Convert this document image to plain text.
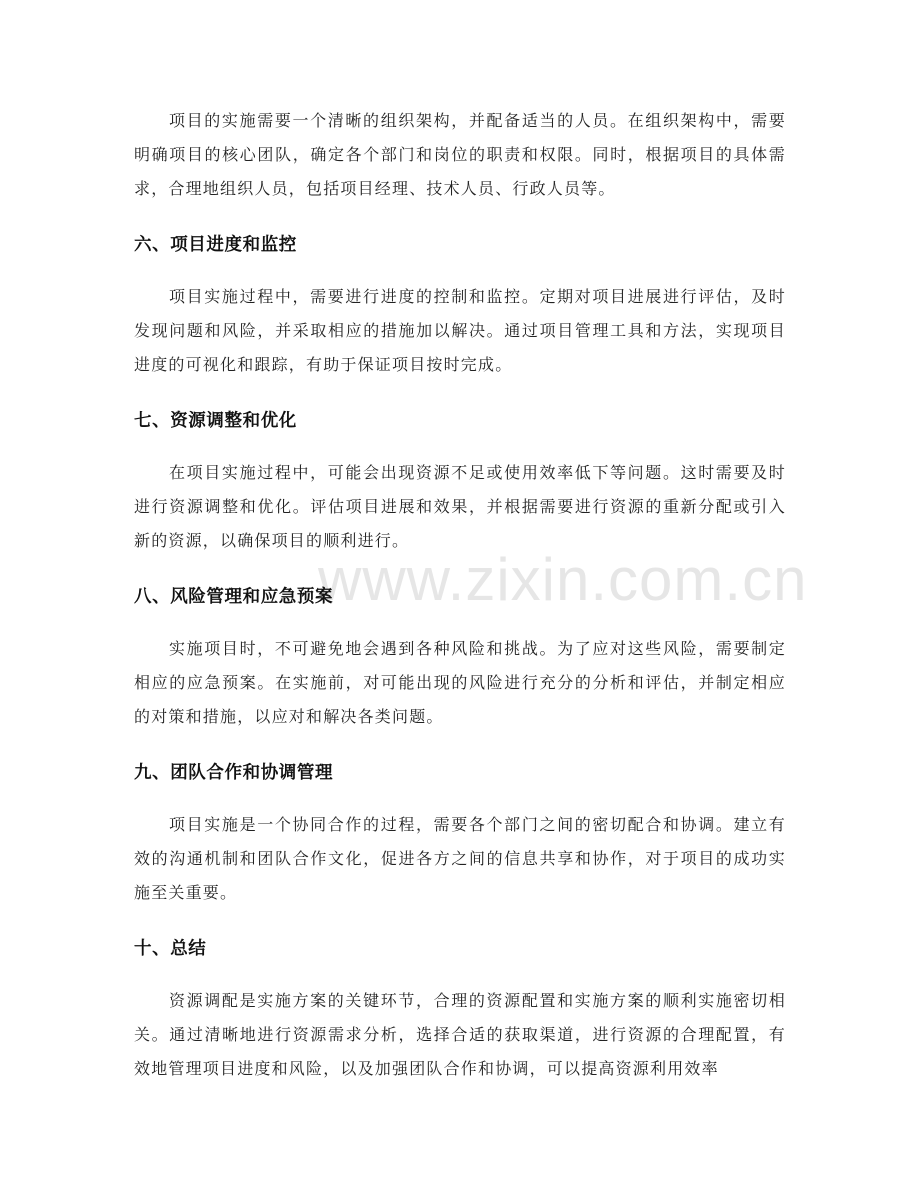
www.zixin.com.cn

项目的实施需要一个清晰的组织架构，并配备适当的人员。在组织架构中，需要明确项目的核心团队，确定各个部门和岗位的职责和权限。同时，根据项目的具体需求，合理地组织人员，包括项目经理、技术人员、行政人员等。

六、项目进度和监控

项目实施过程中，需要进行进度的控制和监控。定期对项目进展进行评估，及时发现问题和风险，并采取相应的措施加以解决。通过项目管理工具和方法，实现项目进度的可视化和跟踪，有助于保证项目按时完成。

七、资源调整和优化

在项目实施过程中，可能会出现资源不足或使用效率低下等问题。这时需要及时进行资源调整和优化。评估项目进展和效果，并根据需要进行资源的重新分配或引入新的资源，以确保项目的顺利进行。

八、风险管理和应急预案

实施项目时，不可避免地会遇到各种风险和挑战。为了应对这些风险，需要制定相应的应急预案。在实施前，对可能出现的风险进行充分的分析和评估，并制定相应的对策和措施，以应对和解决各类问题。

九、团队合作和协调管理

项目实施是一个协同合作的过程，需要各个部门之间的密切配合和协调。建立有效的沟通机制和团队合作文化，促进各方之间的信息共享和协作，对于项目的成功实施至关重要。

十、总结

资源调配是实施方案的关键环节，合理的资源配置和实施方案的顺利实施密切相关。通过清晰地进行资源需求分析，选择合适的获取渠道，进行资源的合理配置，有效地管理项目进度和风险，以及加强团队合作和协调，可以提高资源利用效率
